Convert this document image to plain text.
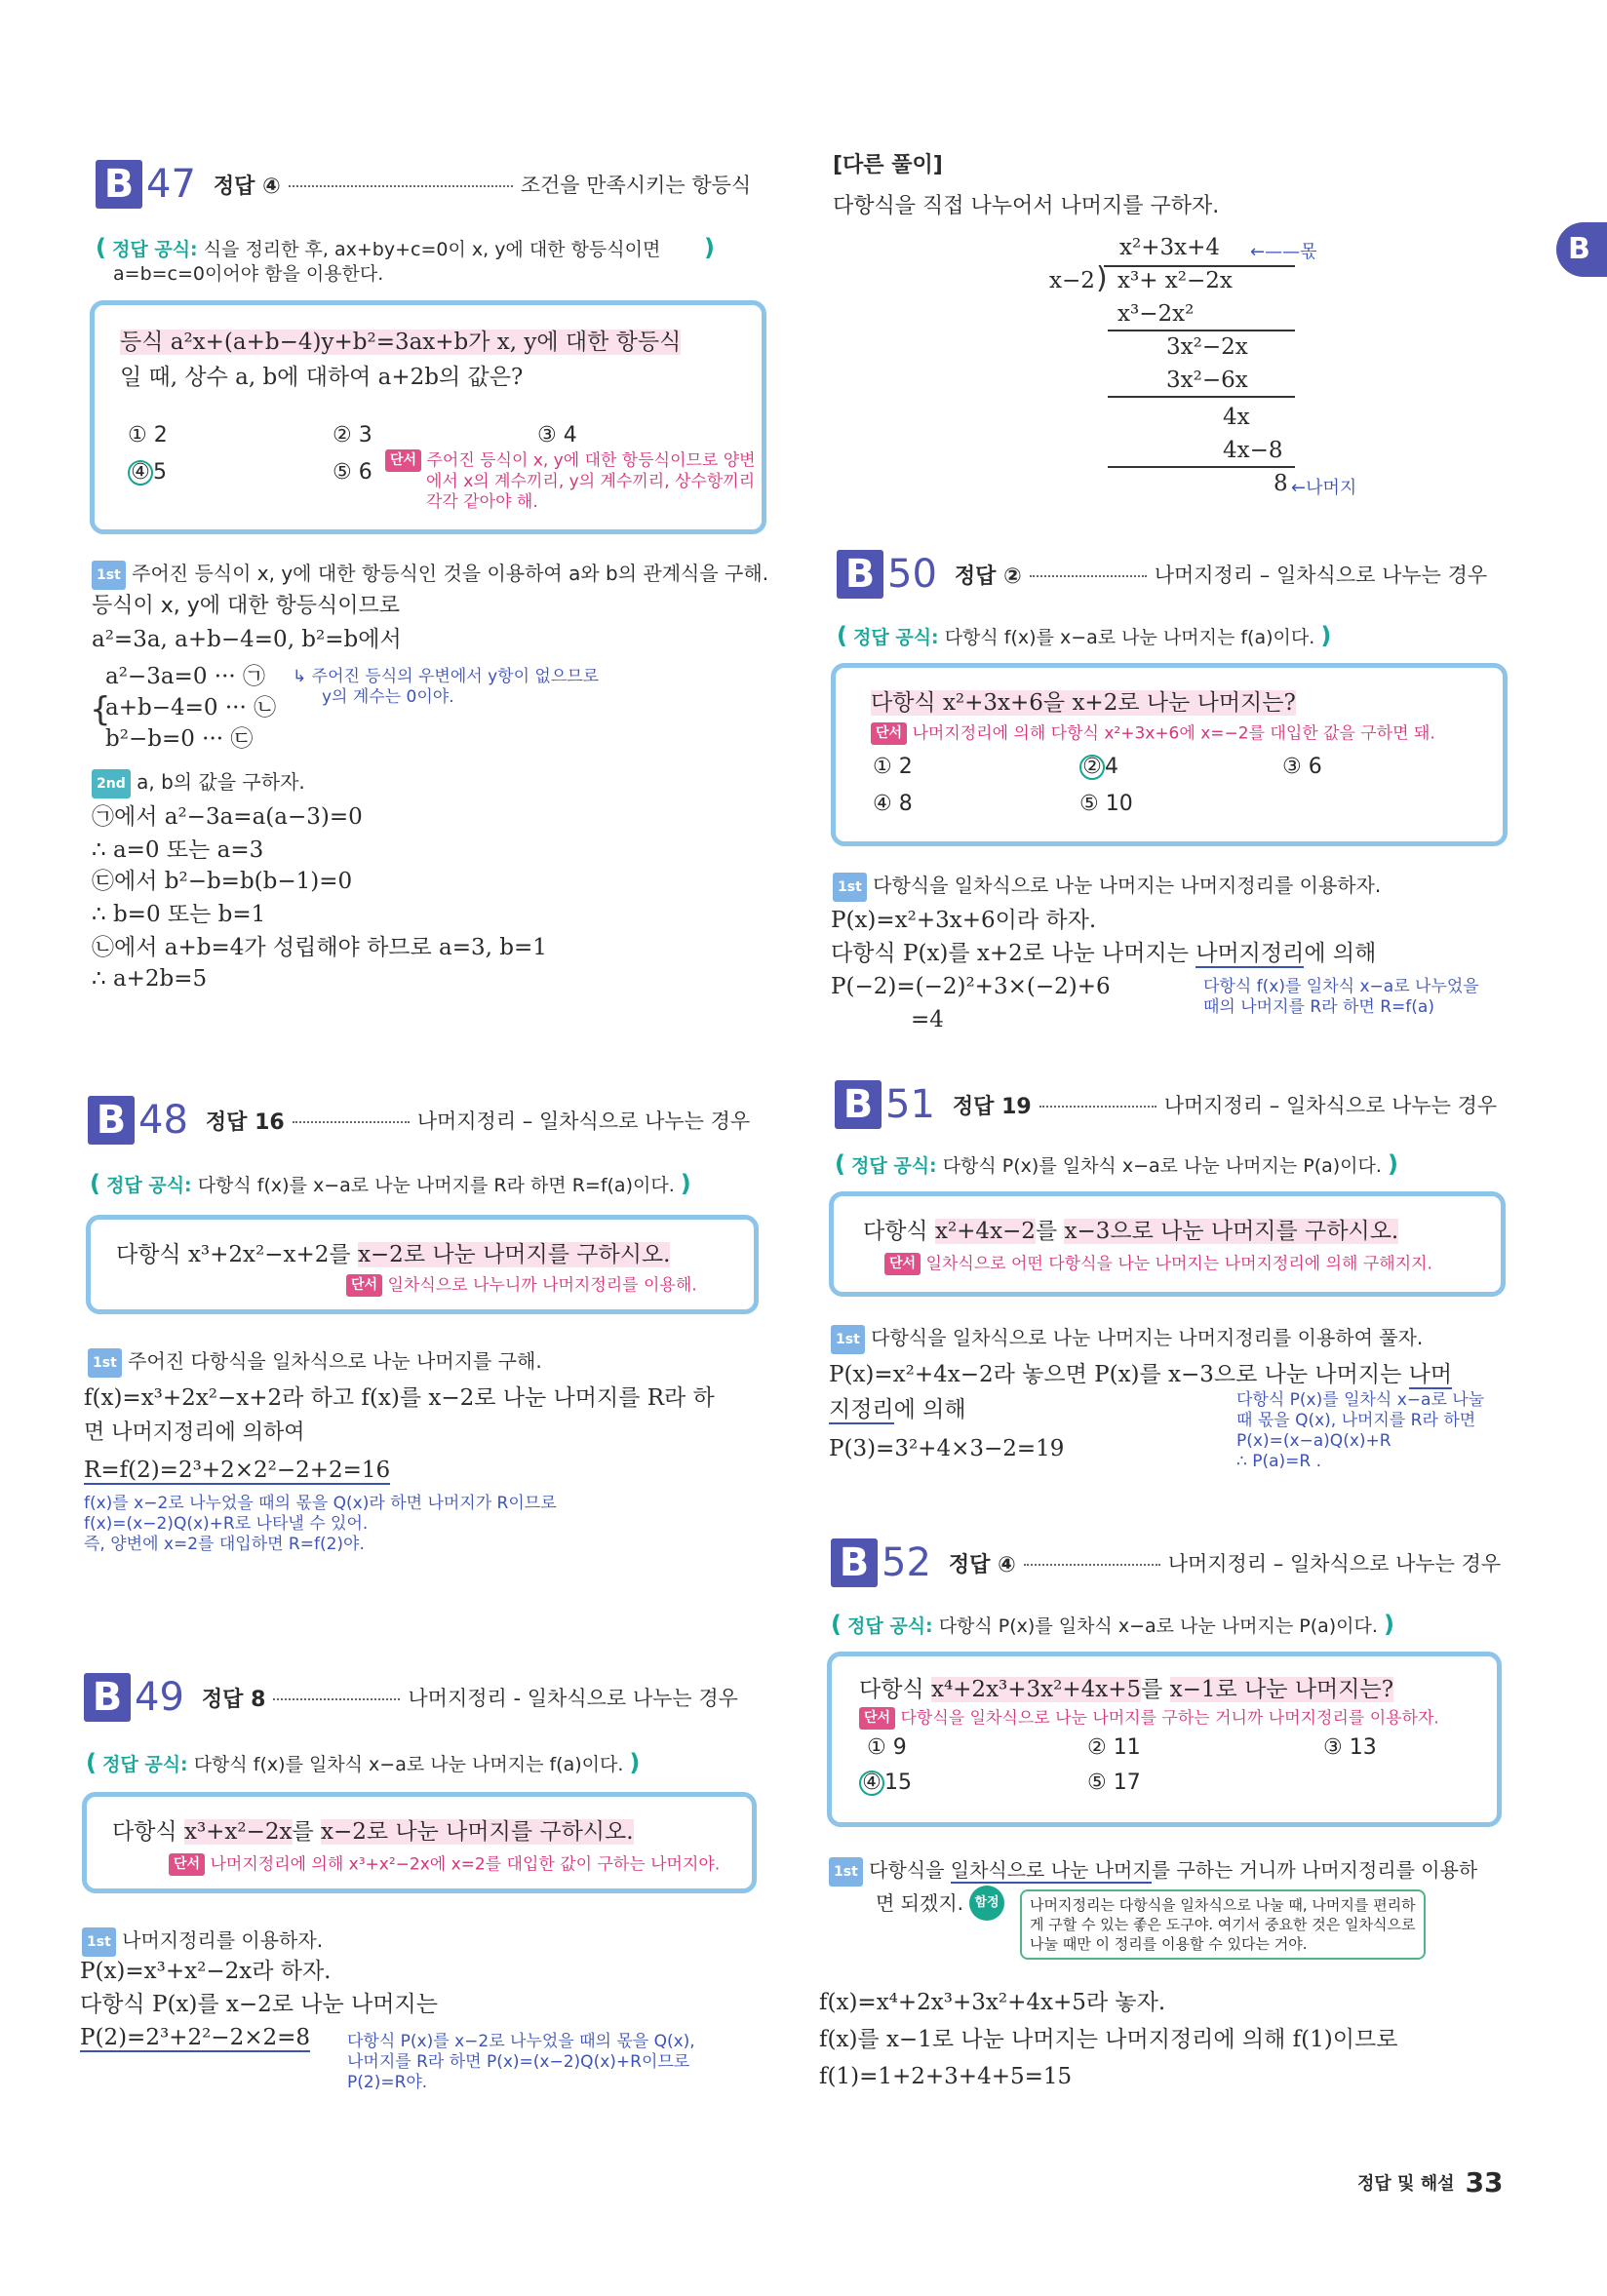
B
B 47 정답 ④	조건을 만족시키는 항등식
( 정답 공식: 식을 정리한 후, ax+by+c=0이 x, y에 대한 항등식이면
a=b=c=0이어야 함을 이용한다.
)
등식 a²x+(a+b−4)y+b²=3ax+b가 x, y에 대한 항등식
일 때, 상수 a, b에 대하여 a+2b의 값은?
① 2	② 3	③ 4
④ 5	⑤ 6	단서 주어진 등식이 x, y에 대한 항등식이므로 양변
에서 x의 계수끼리, y의 계수끼리, 상수항끼리
각각 같아야 해.
1st 주어진 등식이 x, y에 대한 항등식인 것을 이용하여 a와 b의 관계식을 구해.
등식이 x, y에 대한 항등식이므로
a²=3a, a+b−4=0, b²=b에서
{
a²−3a=0 ··· ㉠
a+b−4=0 ··· ㉡
b²−b=0 ··· ㉢
↳ 주어진 등식의 우변에서 y항이 없으므로
y의 계수는 0이야.
2nd a, b의 값을 구하자.
㉠에서 a²−3a=a(a−3)=0
∴ a=0 또는 a=3
㉢에서 b²−b=b(b−1)=0
∴ b=0 또는 b=1
㉡에서 a+b=4가 성립해야 하므로 a=3, b=1
∴ a+2b=5
B 48 정답 16	나머지정리 – 일차식으로 나누는 경우
( 정답 공식: 다항식 f(x)를 x−a로 나눈 나머지를 R라 하면 R=f(a)이다. )
다항식 x³+2x²−x+2를 x−2로 나눈 나머지를 구하시오.
단서 일차식으로 나누니까 나머지정리를 이용해.
1st 주어진 다항식을 일차식으로 나눈 나머지를 구해.
f(x)=x³+2x²−x+2라 하고 f(x)를 x−2로 나눈 나머지를 R라 하
면 나머지정리에 의하여
R=f(2)=2³+2×2²−2+2=16
f(x)를 x−2로 나누었을 때의 몫을 Q(x)라 하면 나머지가 R이므로
f(x)=(x−2)Q(x)+R로 나타낼 수 있어.
즉, 양변에 x=2를 대입하면 R=f(2)야.
B 49 정답 8	나머지정리 - 일차식으로 나누는 경우
( 정답 공식: 다항식 f(x)를 일차식 x−a로 나눈 나머지는 f(a)이다. )
다항식 x³+x²−2x를 x−2로 나눈 나머지를 구하시오.
단서 나머지정리에 의해 x³+x²−2x에 x=2를 대입한 값이 구하는 나머지야.
1st 나머지정리를 이용하자.
P(x)=x³+x²−2x라 하자.
다항식 P(x)를 x−2로 나눈 나머지는
P(2)=2³+2²−2×2=8 다항식 P(x)를 x−2로 나누었을 때의 몫을 Q(x),
나머지를 R라 하면 P(x)=(x−2)Q(x)+R이므로
P(2)=R야.
[다른 풀이]
다항식을 직접 나누어서 나머지를 구하자.
x²+3x+4 ←——몫
x−2 ) x³+ x²−2x
x³−2x²
3x²−2x
3x²−6x
4x
4x−8
8 ←나머지
B 50 정답 ②	나머지정리 – 일차식으로 나누는 경우
( 정답 공식: 다항식 f(x)를 x−a로 나눈 나머지는 f(a)이다. )
다항식 x²+3x+6을 x+2로 나눈 나머지는?
단서 나머지정리에 의해 다항식 x²+3x+6에 x=−2를 대입한 값을 구하면 돼.
① 2	② 4	③ 6
④ 8	⑤ 10
1st 다항식을 일차식으로 나눈 나머지는 나머지정리를 이용하자.
P(x)=x²+3x+6이라 하자.
다항식 P(x)를 x+2로 나눈 나머지는 나머지정리에 의해
P(−2)=(−2)²+3×(−2)+6
=4
다항식 f(x)를 일차식 x−a로 나누었을
때의 나머지를 R라 하면 R=f(a)
B 51 정답 19	나머지정리 – 일차식으로 나누는 경우
( 정답 공식: 다항식 P(x)를 일차식 x−a로 나눈 나머지는 P(a)이다. )
다항식 x²+4x−2를 x−3으로 나눈 나머지를 구하시오.
단서 일차식으로 어떤 다항식을 나눈 나머지는 나머지정리에 의해 구해지지.
1st 다항식을 일차식으로 나눈 나머지는 나머지정리를 이용하여 풀자.
P(x)=x²+4x−2라 놓으면 P(x)를 x−3으로 나눈 나머지는 나머
지정리에 의해
P(3)=3²+4×3−2=19
다항식 P(x)를 일차식 x−a로 나눌
때 몫을 Q(x), 나머지를 R라 하면
P(x)=(x−a)Q(x)+R
∴ P(a)=R .
B 52 정답 ④	나머지정리 – 일차식으로 나누는 경우
( 정답 공식: 다항식 P(x)를 일차식 x−a로 나눈 나머지는 P(a)이다. )
다항식 x⁴+2x³+3x²+4x+5를 x−1로 나눈 나머지는?
단서 다항식을 일차식으로 나눈 나머지를 구하는 거니까 나머지정리를 이용하자.
① 9	② 11	③ 13
④ 15	⑤ 17
1st 다항식을 일차식으로 나눈 나머지를 구하는 거니까 나머지정리를 이용하
면 되겠지. 함정	나머지정리는 다항식을 일차식으로 나눌 때, 나머지를 편리하
게 구할 수 있는 좋은 도구야. 여기서 중요한 것은 일차식으로
나눌 때만 이 정리를 이용할 수 있다는 거야.
f(x)=x⁴+2x³+3x²+4x+5라 놓자.
f(x)를 x−1로 나눈 나머지는 나머지정리에 의해 f(1)이므로
f(1)=1+2+3+4+5=15
정답 및 해설 33
